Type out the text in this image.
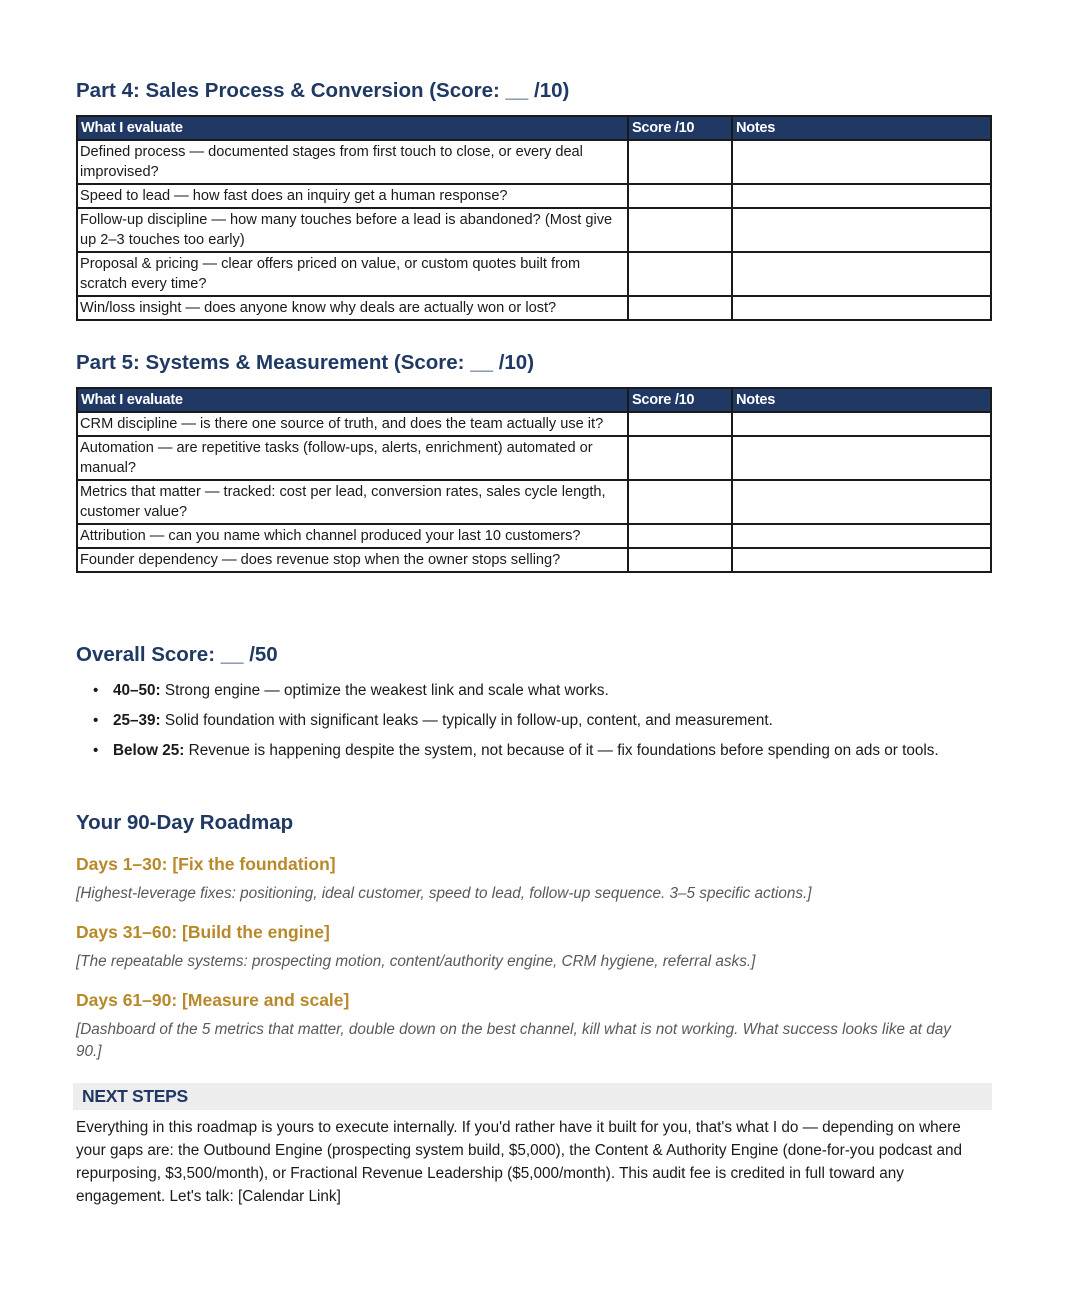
Part 4: Sales Process & Conversion (Score: __ /10)
What I evaluate	Score /10	Notes
Defined process — documented stages from first touch to close, or every deal improvised?		
Speed to lead — how fast does an inquiry get a human response?		
Follow-up discipline — how many touches before a lead is abandoned? (Most give up 2–3 touches too early)		
Proposal & pricing — clear offers priced on value, or custom quotes built from scratch every time?		
Win/loss insight — does anyone know why deals are actually won or lost?		
Part 5: Systems & Measurement (Score: __ /10)
What I evaluate	Score /10	Notes
CRM discipline — is there one source of truth, and does the team actually use it?		
Automation — are repetitive tasks (follow-ups, alerts, enrichment) automated or manual?		
Metrics that matter — tracked: cost per lead, conversion rates, sales cycle length, customer value?		
Attribution — can you name which channel produced your last 10 customers?		
Founder dependency — does revenue stop when the owner stops selling?		
Overall Score: __ /50
• 40–50: Strong engine — optimize the weakest link and scale what works.
• 25–39: Solid foundation with significant leaks — typically in follow-up, content, and measurement.
• Below 25: Revenue is happening despite the system, not because of it — fix foundations before spending on ads or tools.
Your 90-Day Roadmap
Days 1–30: [Fix the foundation]
[Highest-leverage fixes: positioning, ideal customer, speed to lead, follow-up sequence. 3–5 specific actions.]
Days 31–60: [Build the engine]
[The repeatable systems: prospecting motion, content/authority engine, CRM hygiene, referral asks.]
Days 61–90: [Measure and scale]
[Dashboard of the 5 metrics that matter, double down on the best channel, kill what is not working. What success looks like at day 90.]
NEXT STEPS
Everything in this roadmap is yours to execute internally. If you'd rather have it built for you, that's what I do — depending on where your gaps are: the Outbound Engine (prospecting system build, $5,000), the Content & Authority Engine (done-for-you podcast and repurposing, $3,500/month), or Fractional Revenue Leadership ($5,000/month). This audit fee is credited in full toward any engagement. Let's talk: [Calendar Link]
